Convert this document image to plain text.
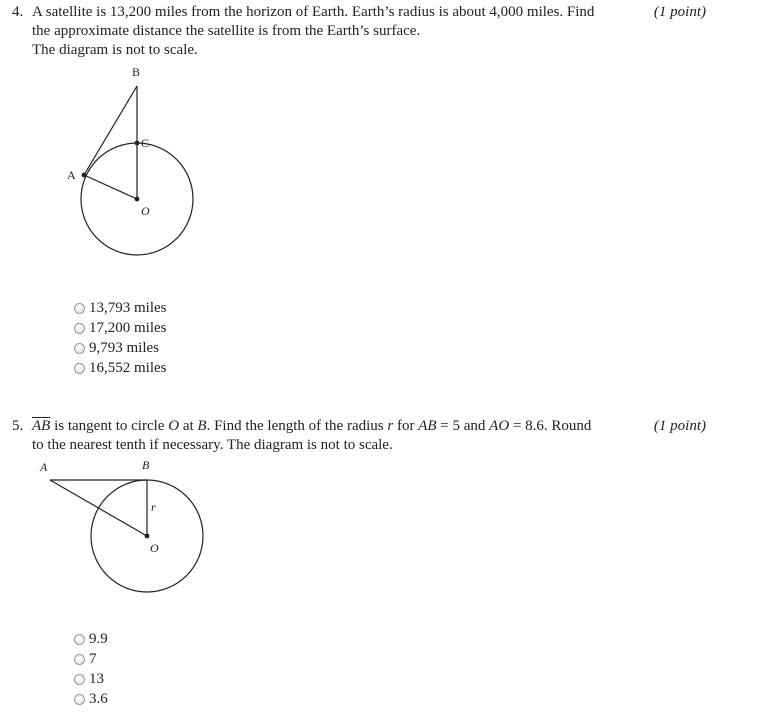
4. A satellite is 13,200 miles from the horizon of Earth. Earth’s radius is about 4,000 miles. Find
the approximate distance the satellite is from the Earth’s surface.
The diagram is not to scale.
(1 point)
B
C
A
O
13,793 miles
17,200 miles
9,793 miles
16,552 miles
5. $\overline{AB}$ is tangent to circle O at B. Find the length of the radius r for AB = 5 and AO = 8.6. Round
to the nearest tenth if necessary. The diagram is not to scale.
(1 point)
A	B
r
O
9.9
7
13
3.6
